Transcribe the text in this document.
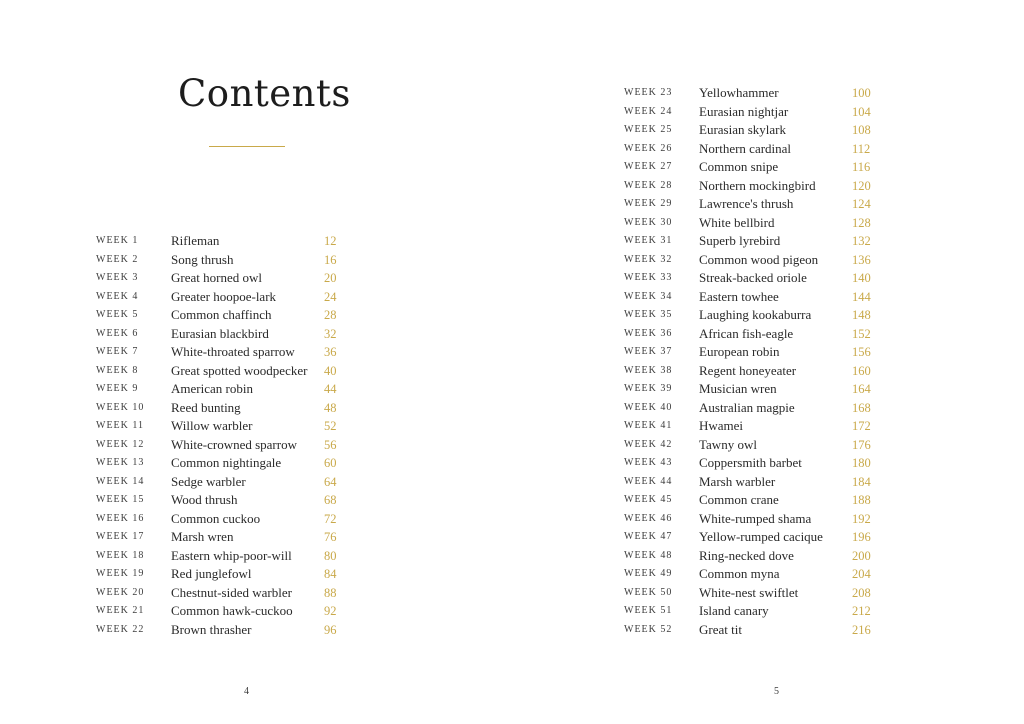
Contents
WEEK 1	Rifleman	12
WEEK 2	Song thrush	16
WEEK 3	Great horned owl	20
WEEK 4	Greater hoopoe-lark	24
WEEK 5	Common chaffinch	28
WEEK 6	Eurasian blackbird	32
WEEK 7	White-throated sparrow 36
WEEK 8	Great spotted woodpecker 40
WEEK 9	American robin	44
WEEK 10 Reed bunting	48
WEEK 11 Willow warbler	52
WEEK 12 White-crowned sparrow 56
WEEK 13 Common nightingale	60
WEEK 14 Sedge warbler	64
WEEK 15 Wood thrush	68
WEEK 16 Common cuckoo	72
WEEK 17 Marsh wren	76
WEEK 18 Eastern whip-poor-will	80
WEEK 19 Red junglefowl	84
WEEK 20 Chestnut-sided warbler	88
WEEK 21 Common hawk-cuckoo	92
WEEK 22 Brown thrasher	96
4
WEEK 23 Yellowhammer	100
WEEK 24 Eurasian nightjar	104
WEEK 25 Eurasian skylark	108
WEEK 26 Northern cardinal	112
WEEK 27 Common snipe	116
WEEK 28 Northern mockingbird	120
WEEK 29 Lawrence's thrush	124
WEEK 30 White bellbird	128
WEEK 31 Superb lyrebird	132
WEEK 32 Common wood pigeon	136
WEEK 33 Streak-backed oriole	140
WEEK 34 Eastern towhee	144
WEEK 35 Laughing kookaburra	148
WEEK 36 African fish-eagle	152
WEEK 37 European robin	156
WEEK 38 Regent honeyeater	160
WEEK 39 Musician wren	164
WEEK 40 Australian magpie	168
WEEK 41 Hwamei	172
WEEK 42 Tawny owl	176
WEEK 43 Coppersmith barbet	180
WEEK 44 Marsh warbler	184
WEEK 45 Common crane	188
WEEK 46 White-rumped shama	192
WEEK 47 Yellow-rumped cacique 196
WEEK 48 Ring-necked dove	200
WEEK 49 Common myna	204
WEEK 50 White-nest swiftlet	208
WEEK 51 Island canary	212
WEEK 52 Great tit	216
5
